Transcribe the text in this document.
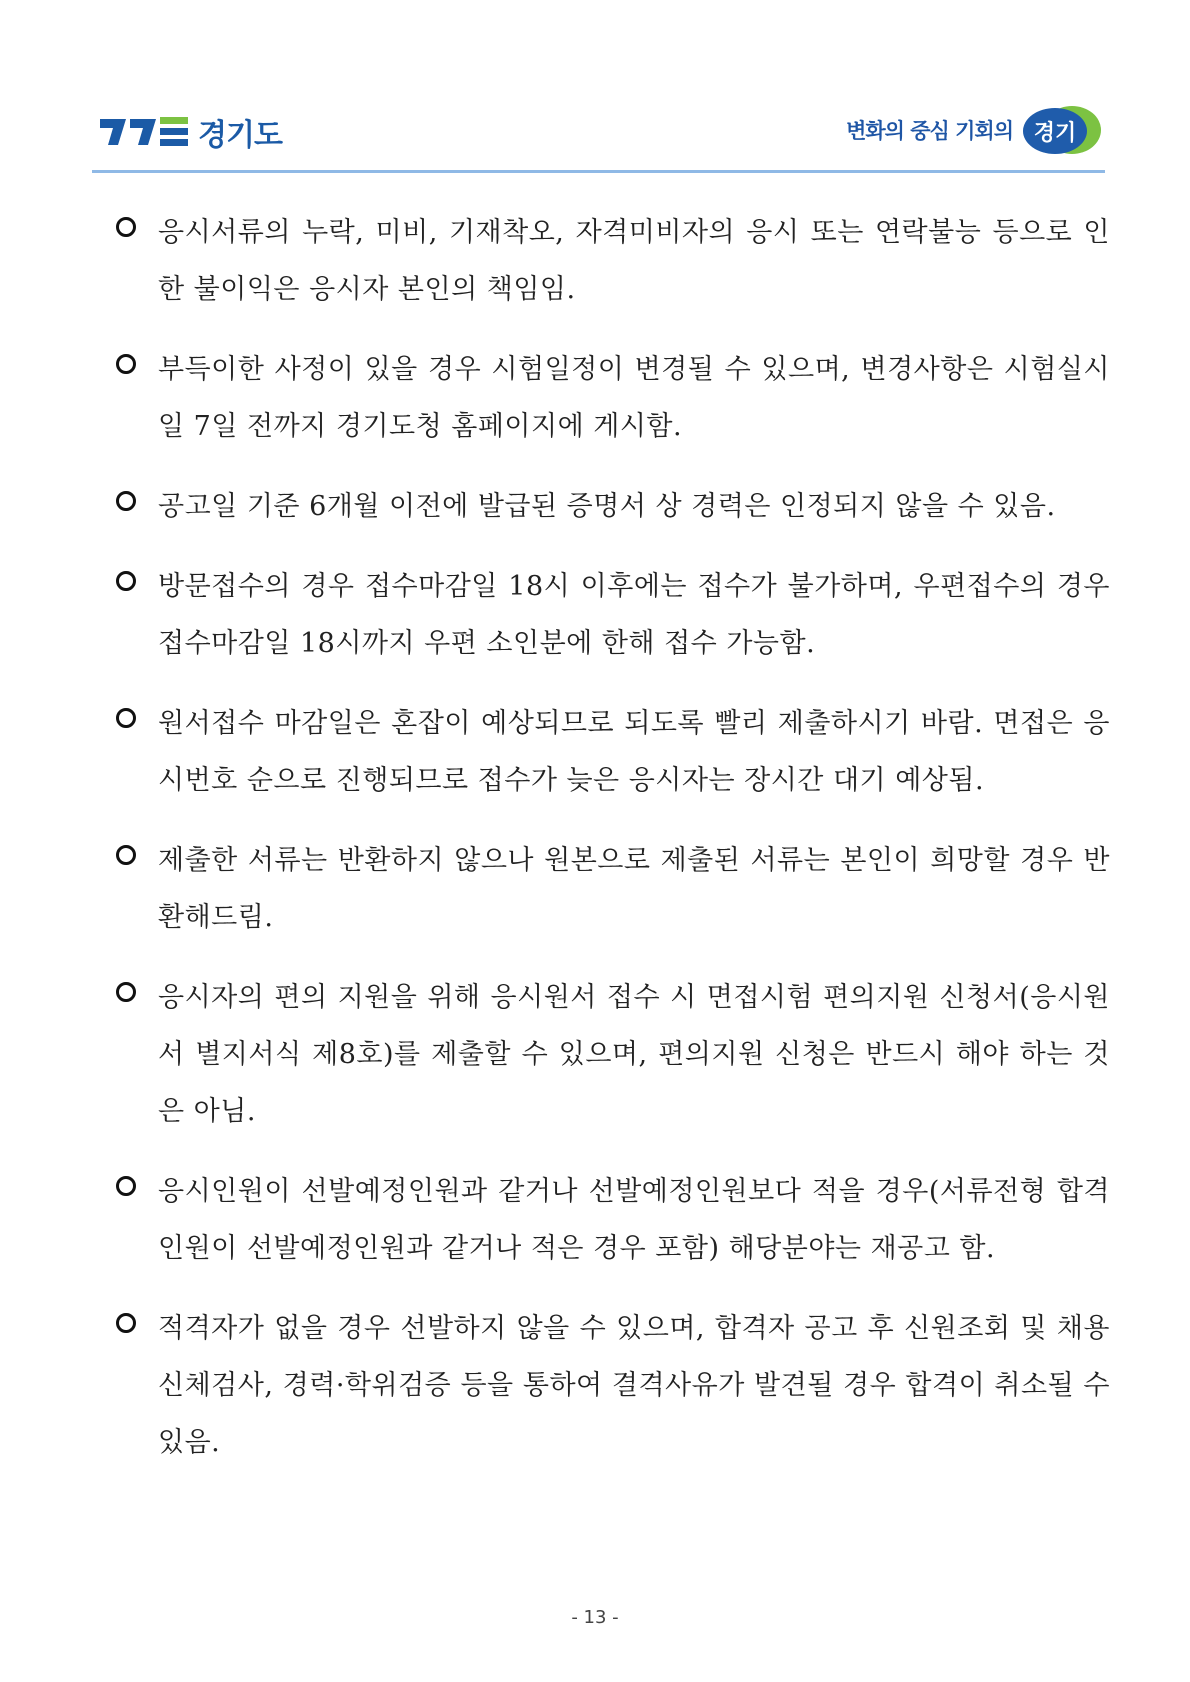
경기도	변화의 중심 기회의 경기
응시서류의 누락, 미비, 기재착오, 자격미비자의 응시 또는 연락불능 등으로 인한 불이익은 응시자 본인의 책임임.
부득이한 사정이 있을 경우 시험일정이 변경될 수 있으며, 변경사항은 시험실시일 7일 전까지 경기도청 홈페이지에 게시함.
공고일 기준 6개월 이전에 발급된 증명서 상 경력은 인정되지 않을 수 있음.
방문접수의 경우 접수마감일 18시 이후에는 접수가 불가하며, 우편접수의 경우 접수마감일 18시까지 우편 소인분에 한해 접수 가능함.
원서접수 마감일은 혼잡이 예상되므로 되도록 빨리 제출하시기 바람. 면접은 응시번호 순으로 진행되므로 접수가 늦은 응시자는 장시간 대기 예상됨.
제출한 서류는 반환하지 않으나 원본으로 제출된 서류는 본인이 희망할 경우 반환해드림.
응시자의 편의 지원을 위해 응시원서 접수 시 면접시험 편의지원 신청서(응시원서 별지서식 제8호)를 제출할 수 있으며, 편의지원 신청은 반드시 해야 하는 것은 아님.
응시인원이 선발예정인원과 같거나 선발예정인원보다 적을 경우(서류전형 합격인원이 선발예정인원과 같거나 적은 경우 포함) 해당분야는 재공고 함.
적격자가 없을 경우 선발하지 않을 수 있으며, 합격자 공고 후 신원조회 및 채용신체검사, 경력·학위검증 등을 통하여 결격사유가 발견될 경우 합격이 취소될 수 있음.
- 13 -
